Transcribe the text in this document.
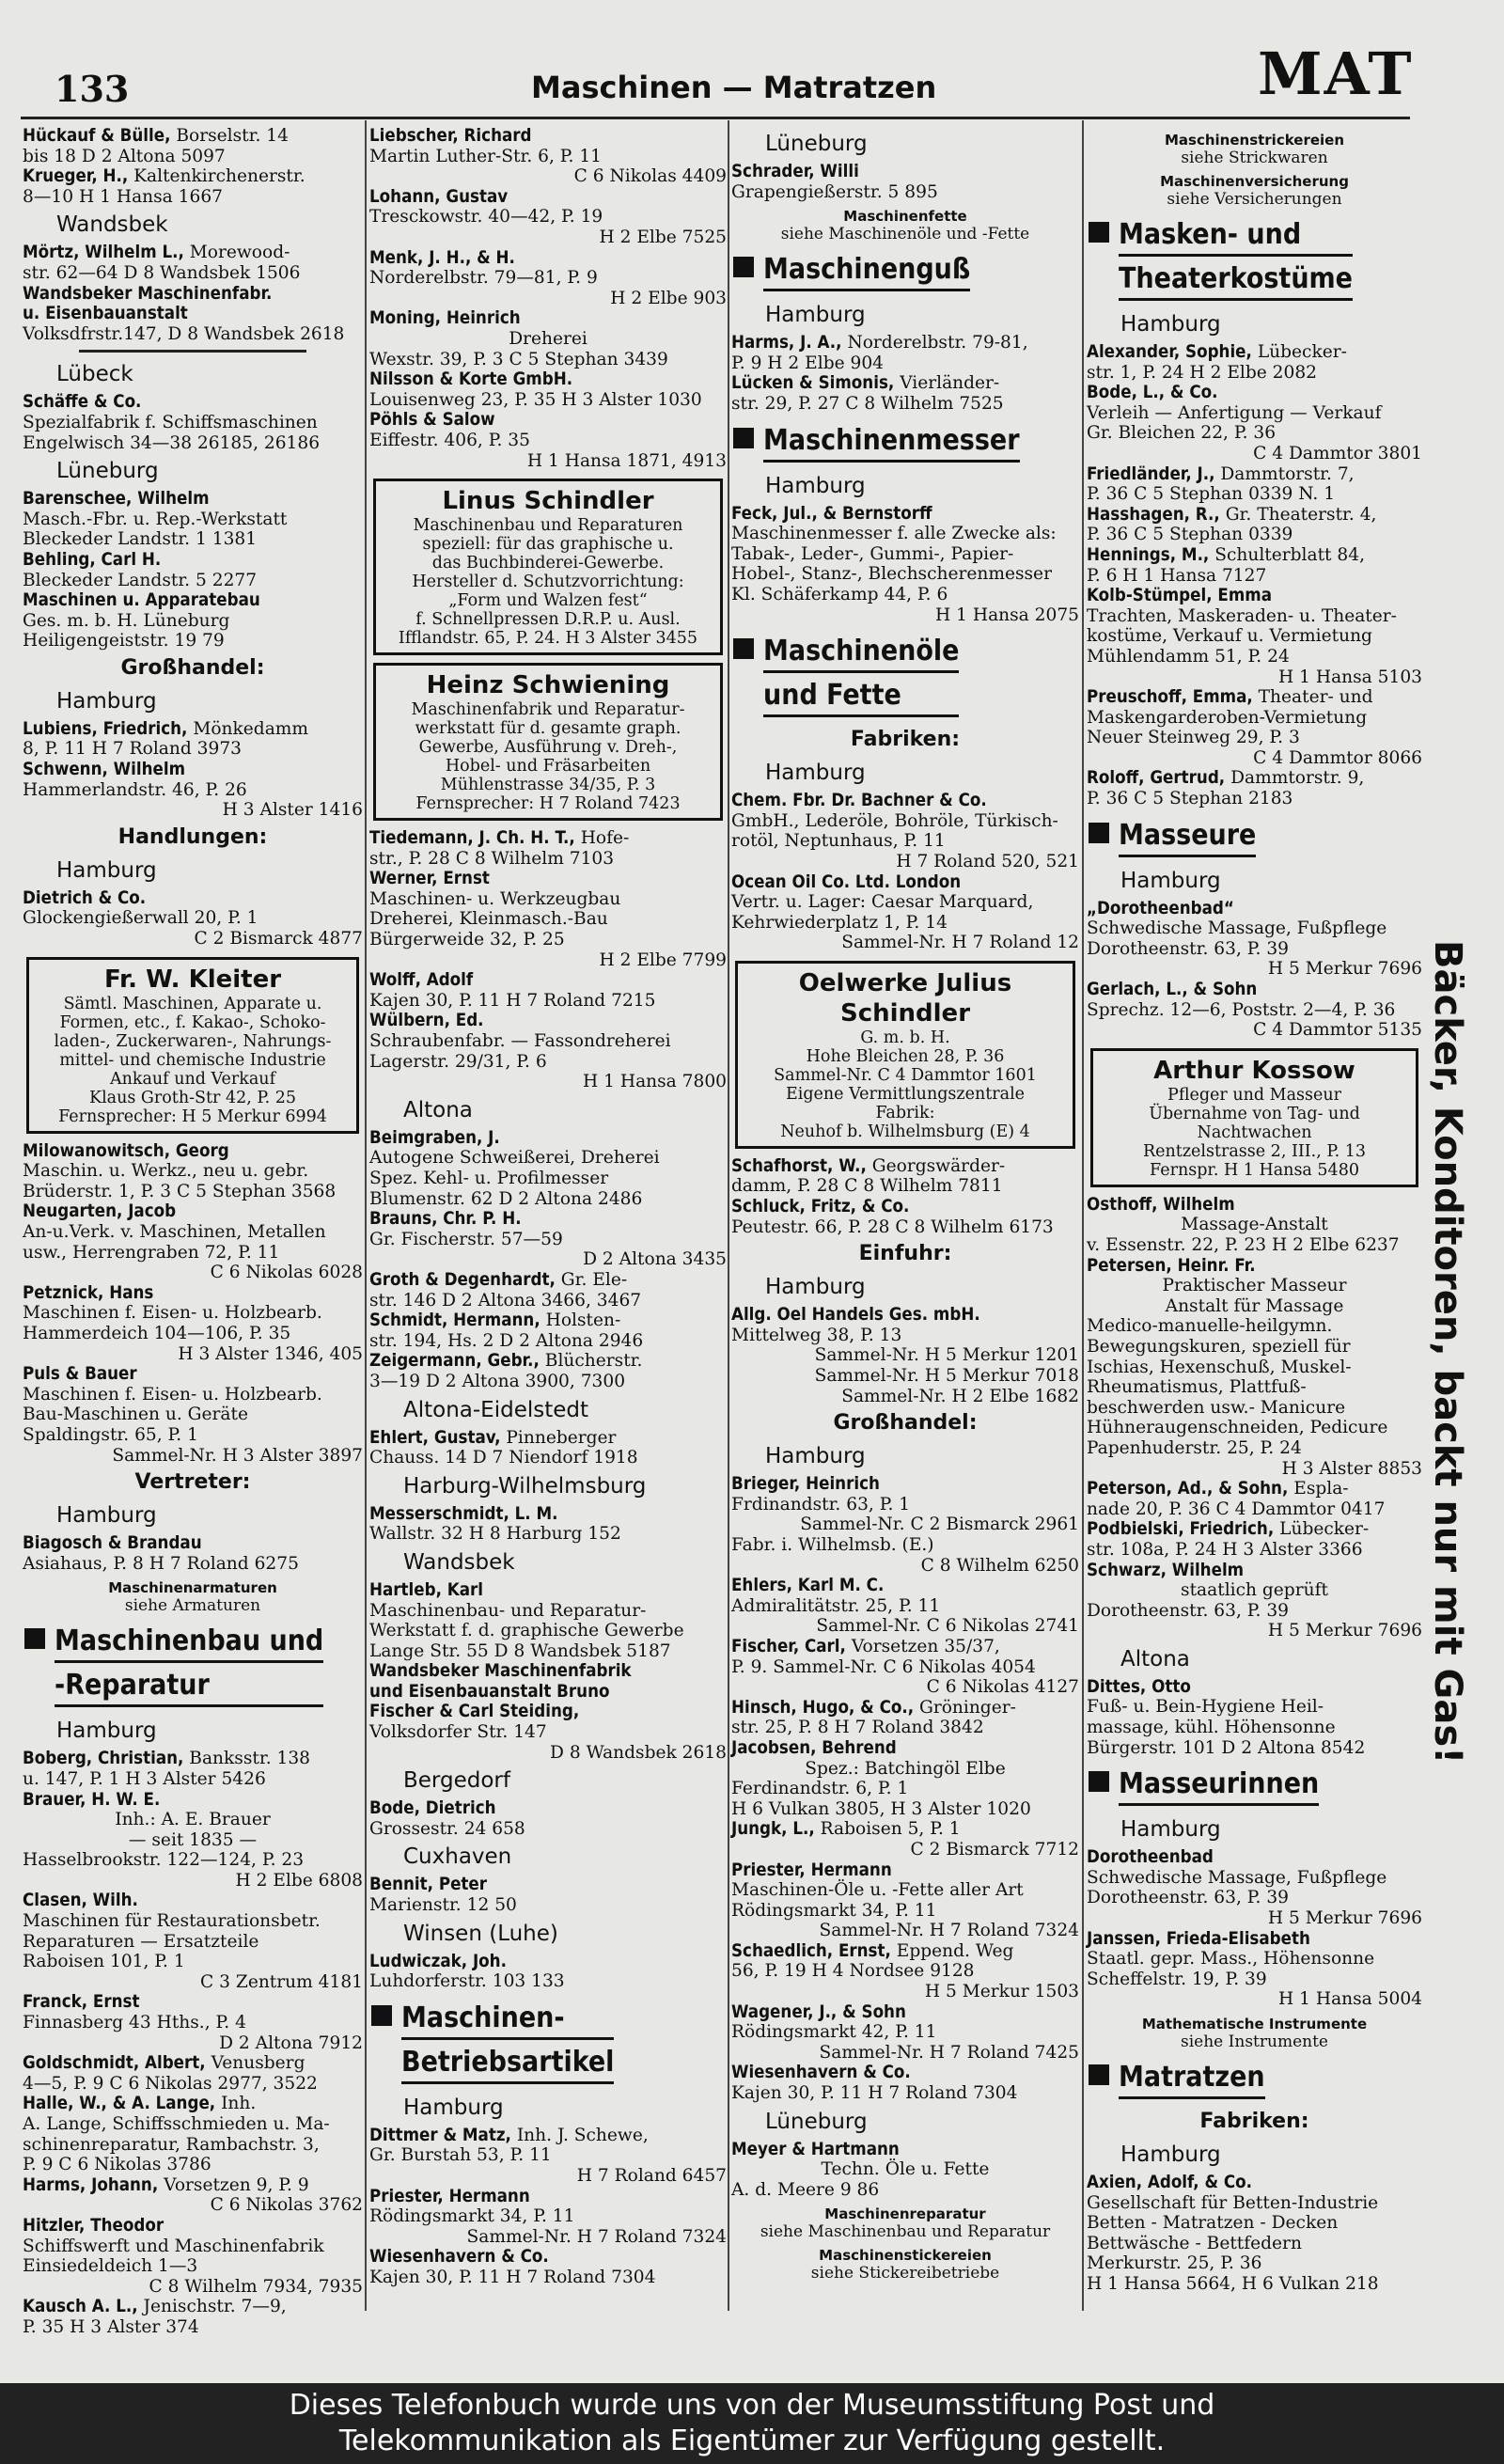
133	Maschinen — Matratzen	MAT

Hückauf & Bülle, Borselstr. 14

bis 18 D 2 Altona 5097

Krueger, H., Kaltenkirchenerstr.

8—10 H 1 Hansa 1667

Wandsbek

Mörtz, Wilhelm L., Morewood-

str. 62—64 D 8 Wandsbek 1506

Wandsbeker Maschinenfabr.

u. Eisenbauanstalt

Volksdfrstr.147, D 8 Wandsbek 2618

Lübeck

Schäffe & Co.

Spezialfabrik f. Schiffsmaschinen

Engelwisch 34—38 26185, 26186

Lüneburg

Barenschee, Wilhelm

Masch.-Fbr. u. Rep.-Werkstatt

Bleckeder Landstr. 1 1381

Behling, Carl H.

Bleckeder Landstr. 5 2277

Maschinen u. Apparatebau

Ges. m. b. H. Lüneburg

Heiligengeiststr. 19 79

Großhandel:
Hamburg

Lubiens, Friedrich, Mönkedamm

8, P. 11 H 7 Roland 3973

Schwenn, Wilhelm

Hammerlandstr. 46, P. 26

H 3 Alster 1416

Handlungen:
Hamburg

Dietrich & Co.

Glockengießerwall 20, P. 1

C 2 Bismarck 4877

Fr. W. Kleiter
Sämtl. Maschinen, Apparate u.
Formen, etc., f. Kakao-, Schoko-
laden-, Zuckerwaren-, Nahrungs-
mittel- und chemische Industrie
Ankauf und Verkauf
Klaus Groth-Str 42, P. 25
Fernsprecher: H 5 Merkur 6994

Milowanowitsch, Georg

Maschin. u. Werkz., neu u. gebr.

Brüderstr. 1, P. 3 C 5 Stephan 3568

Neugarten, Jacob

An-u.Verk. v. Maschinen, Metallen

usw., Herrengraben 72, P. 11

C 6 Nikolas 6028

Petznick, Hans

Maschinen f. Eisen- u. Holzbearb.

Hammerdeich 104—106, P. 35

H 3 Alster 1346, 405

Puls & Bauer

Maschinen f. Eisen- u. Holzbearb.

Bau-Maschinen u. Geräte

Spaldingstr. 65, P. 1

Sammel-Nr. H 3 Alster 3897

Vertreter:
Hamburg

Biagosch & Brandau

Asiahaus, P. 8 H 7 Roland 6275

Maschinenarmaturen
siehe Armaturen
Maschinenbau und
-Reparatur
Hamburg

Boberg, Christian, Banksstr. 138

u. 147, P. 1 H 3 Alster 5426

Brauer, H. W. E.

Inh.: A. E. Brauer

— seit 1835 —

Hasselbrookstr. 122—124, P. 23

H 2 Elbe 6808

Clasen, Wilh.

Maschinen für Restaurationsbetr.

Reparaturen — Ersatzteile

Raboisen 101, P. 1

C 3 Zentrum 4181

Franck, Ernst

Finnasberg 43 Hths., P. 4

D 2 Altona 7912

Goldschmidt, Albert, Venusberg

4—5, P. 9 C 6 Nikolas 2977, 3522

Halle, W., & A. Lange, Inh.

A. Lange, Schiffsschmieden u. Ma-

schinenreparatur, Rambachstr. 3,

P. 9 C 6 Nikolas 3786

Harms, Johann, Vorsetzen 9, P. 9

C 6 Nikolas 3762

Hitzler, Theodor

Schiffswerft und Maschinenfabrik

Einsiedeldeich 1—3

C 8 Wilhelm 7934, 7935

Kausch A. L., Jenischstr. 7—9,

P. 35 H 3 Alster 374

Liebscher, Richard

Martin Luther-Str. 6, P. 11

C 6 Nikolas 4409

Lohann, Gustav

Tresckowstr. 40—42, P. 19

H 2 Elbe 7525

Menk, J. H., & H.

Norderelbstr. 79—81, P. 9

H 2 Elbe 903

Moning, Heinrich

Dreherei

Wexstr. 39, P. 3 C 5 Stephan 3439

Nilsson & Korte GmbH.

Louisenweg 23, P. 35 H 3 Alster 1030

Pöhls & Salow

Eiffestr. 406, P. 35

H 1 Hansa 1871, 4913

Linus Schindler
Maschinenbau und Reparaturen
speziell: für das graphische u.
das Buchbinderei-Gewerbe.
Hersteller d. Schutzvorrichtung:
„Form und Walzen fest“
f. Schnellpressen D.R.P. u. Ausl.
Ifflandstr. 65, P. 24. H 3 Alster 3455
Heinz Schwiening
Maschinenfabrik und Reparatur-
werkstatt für d. gesamte graph.
Gewerbe, Ausführung v. Dreh-,
Hobel- und Fräsarbeiten
Mühlenstrasse 34/35, P. 3
Fernsprecher: H 7 Roland 7423

Tiedemann, J. Ch. H. T., Hofe-

str., P. 28 C 8 Wilhelm 7103

Werner, Ernst

Maschinen- u. Werkzeugbau

Dreherei, Kleinmasch.-Bau

Bürgerweide 32, P. 25

H 2 Elbe 7799

Wolff, Adolf

Kajen 30, P. 11 H 7 Roland 7215

Wülbern, Ed.

Schraubenfabr. — Fassondreherei

Lagerstr. 29/31, P. 6

H 1 Hansa 7800

Altona

Beimgraben, J.

Autogene Schweißerei, Dreherei

Spez. Kehl- u. Profilmesser

Blumenstr. 62 D 2 Altona 2486

Brauns, Chr. P. H.

Gr. Fischerstr. 57—59

D 2 Altona 3435

Groth & Degenhardt, Gr. Ele-

str. 146 D 2 Altona 3466, 3467

Schmidt, Hermann, Holsten-

str. 194, Hs. 2 D 2 Altona 2946

Zeigermann, Gebr., Blücherstr.

3—19 D 2 Altona 3900, 7300

Altona-Eidelstedt

Ehlert, Gustav, Pinneberger

Chauss. 14 D 7 Niendorf 1918

Harburg-Wilhelmsburg

Messerschmidt, L. M.

Wallstr. 32 H 8 Harburg 152

Wandsbek

Hartleb, Karl

Maschinenbau- und Reparatur-

Werkstatt f. d. graphische Gewerbe

Lange Str. 55 D 8 Wandsbek 5187

Wandsbeker Maschinenfabrik

und Eisenbauanstalt Bruno

Fischer & Carl Steiding,

Volksdorfer Str. 147

D 8 Wandsbek 2618

Bergedorf

Bode, Dietrich

Grossestr. 24 658

Cuxhaven

Bennit, Peter

Marienstr. 12 50

Winsen (Luhe)

Ludwiczak, Joh.

Luhdorferstr. 103 133

Maschinen-
Betriebsartikel
Hamburg

Dittmer & Matz, Inh. J. Schewe,

Gr. Burstah 53, P. 11

H 7 Roland 6457

Priester, Hermann

Rödingsmarkt 34, P. 11

Sammel-Nr. H 7 Roland 7324

Wiesenhavern & Co.

Kajen 30, P. 11 H 7 Roland 7304

Lüneburg

Schrader, Willi

Grapengießerstr. 5 895

Maschinenfette
siehe Maschinenöle und -Fette
Maschinenguß
Hamburg

Harms, J. A., Norderelbstr. 79-81,

P. 9 H 2 Elbe 904

Lücken & Simonis, Vierländer-

str. 29, P. 27 C 8 Wilhelm 7525

Maschinenmesser
Hamburg

Feck, Jul., & Bernstorff

Maschinenmesser f. alle Zwecke als:

Tabak-, Leder-, Gummi-, Papier-

Hobel-, Stanz-, Blechscherenmesser

Kl. Schäferkamp 44, P. 6

H 1 Hansa 2075

Maschinenöle
und Fette
Fabriken:
Hamburg

Chem. Fbr. Dr. Bachner & Co.

GmbH., Lederöle, Bohröle, Türkisch-

rotöl, Neptunhaus, P. 11

H 7 Roland 520, 521

Ocean Oil Co. Ltd. London

Vertr. u. Lager: Caesar Marquard,

Kehrwiederplatz 1, P. 14

Sammel-Nr. H 7 Roland 12

Oelwerke Julius Schindler
G. m. b. H.
Hohe Bleichen 28, P. 36
Sammel-Nr. C 4 Dammtor 1601
Eigene Vermittlungszentrale
Fabrik:
Neuhof b. Wilhelmsburg (E) 4

Schafhorst, W., Georgswärder-

damm, P. 28 C 8 Wilhelm 7811

Schluck, Fritz, & Co.

Peutestr. 66, P. 28 C 8 Wilhelm 6173

Einfuhr:
Hamburg

Allg. Oel Handels Ges. mbH.

Mittelweg 38, P. 13

Sammel-Nr. H 5 Merkur 1201

Sammel-Nr. H 5 Merkur 7018

Sammel-Nr. H 2 Elbe 1682

Großhandel:
Hamburg

Brieger, Heinrich

Frdinandstr. 63, P. 1

Sammel-Nr. C 2 Bismarck 2961

Fabr. i. Wilhelmsb. (E.)

C 8 Wilhelm 6250

Ehlers, Karl M. C.

Admiralitätstr. 25, P. 11

Sammel-Nr. C 6 Nikolas 2741

Fischer, Carl, Vorsetzen 35/37,

P. 9. Sammel-Nr. C 6 Nikolas 4054

C 6 Nikolas 4127

Hinsch, Hugo, & Co., Gröninger-

str. 25, P. 8 H 7 Roland 3842

Jacobsen, Behrend

Spez.: Batchingöl Elbe

Ferdinandstr. 6, P. 1

H 6 Vulkan 3805, H 3 Alster 1020

Jungk, L., Raboisen 5, P. 1

C 2 Bismarck 7712

Priester, Hermann

Maschinen-Öle u. -Fette aller Art

Rödingsmarkt 34, P. 11

Sammel-Nr. H 7 Roland 7324

Schaedlich, Ernst, Eppend. Weg

56, P. 19 H 4 Nordsee 9128

H 5 Merkur 1503

Wagener, J., & Sohn

Rödingsmarkt 42, P. 11

Sammel-Nr. H 7 Roland 7425

Wiesenhavern & Co.

Kajen 30, P. 11 H 7 Roland 7304

Lüneburg

Meyer & Hartmann

Techn. Öle u. Fette

A. d. Meere 9 86

Maschinenreparatur
siehe Maschinenbau und Reparatur
Maschinenstickereien
siehe Stickereibetriebe
Maschinenstrickereien
siehe Strickwaren
Maschinenversicherung
siehe Versicherungen
Masken- und
Theaterkostüme
Hamburg

Alexander, Sophie, Lübecker-

str. 1, P. 24 H 2 Elbe 2082

Bode, L., & Co.

Verleih — Anfertigung — Verkauf

Gr. Bleichen 22, P. 36

C 4 Dammtor 3801

Friedländer, J., Dammtorstr. 7,

P. 36 C 5 Stephan 0339 N. 1

Hasshagen, R., Gr. Theaterstr. 4,

P. 36 C 5 Stephan 0339

Hennings, M., Schulterblatt 84,

P. 6 H 1 Hansa 7127

Kolb-Stümpel, Emma

Trachten, Maskeraden- u. Theater-

kostüme, Verkauf u. Vermietung

Mühlendamm 51, P. 24

H 1 Hansa 5103

Preuschoff, Emma, Theater- und

Maskengarderoben-Vermietung

Neuer Steinweg 29, P. 3

C 4 Dammtor 8066

Roloff, Gertrud, Dammtorstr. 9,

P. 36 C 5 Stephan 2183

Masseure
Hamburg

„Dorotheenbad“

Schwedische Massage, Fußpflege

Dorotheenstr. 63, P. 39

H 5 Merkur 7696

Gerlach, L., & Sohn

Sprechz. 12—6, Poststr. 2—4, P. 36

C 4 Dammtor 5135

Arthur Kossow
Pfleger und Masseur
Übernahme von Tag- und
Nachtwachen
Rentzelstrasse 2, III., P. 13
Fernspr. H 1 Hansa 5480

Osthoff, Wilhelm

Massage-Anstalt

v. Essenstr. 22, P. 23 H 2 Elbe 6237

Petersen, Heinr. Fr.

Praktischer Masseur

Anstalt für Massage

Medico-manuelle-heilgymn.

Bewegungskuren, speziell für

Ischias, Hexenschuß, Muskel-

Rheumatismus, Plattfuß-

beschwerden usw.- Manicure

Hühneraugenschneiden, Pedicure

Papenhuderstr. 25, P. 24

H 3 Alster 8853

Peterson, Ad., & Sohn, Espla-

nade 20, P. 36 C 4 Dammtor 0417

Podbielski, Friedrich, Lübecker-

str. 108a, P. 24 H 3 Alster 3366

Schwarz, Wilhelm

staatlich geprüft

Dorotheenstr. 63, P. 39

H 5 Merkur 7696

Altona

Dittes, Otto

Fuß- u. Bein-Hygiene Heil-

massage, kühl. Höhensonne

Bürgerstr. 101 D 2 Altona 8542

Masseurinnen
Hamburg

Dorotheenbad

Schwedische Massage, Fußpflege

Dorotheenstr. 63, P. 39

H 5 Merkur 7696

Janssen, Frieda-Elisabeth

Staatl. gepr. Mass., Höhensonne

Scheffelstr. 19, P. 39

H 1 Hansa 5004

Mathematische Instrumente
siehe Instrumente
Matratzen
Fabriken:
Hamburg

Axien, Adolf, & Co.

Gesellschaft für Betten-Industrie

Betten - Matratzen - Decken

Bettwäsche - Bettfedern

Merkurstr. 25, P. 36

H 1 Hansa 5664, H 6 Vulkan 218

Bäcker, Konditoren, backt nur mit Gas!
Dieses Telefonbuch wurde uns von der Museumsstiftung Post und
Telekommunikation als Eigentümer zur Verfügung gestellt.
